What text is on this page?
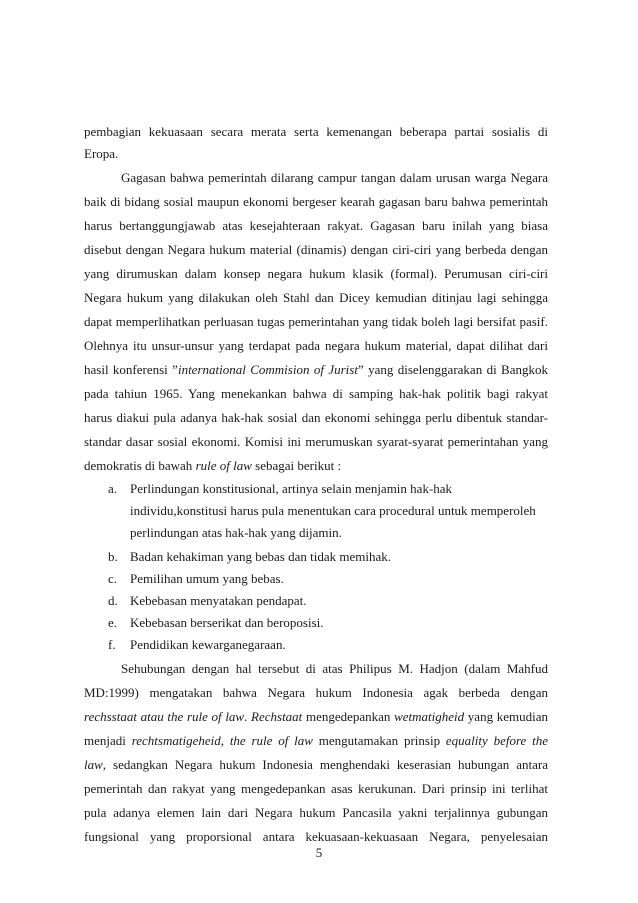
pembagian kekuasaan secara merata serta kemenangan beberapa partai sosialis di
Eropa.
Gagasan bahwa pemerintah dilarang campur tangan dalam urusan warga Negara
baik di bidang sosial maupun ekonomi bergeser kearah gagasan baru bahwa pemerintah
harus bertanggungjawab atas kesejahteraan rakyat. Gagasan baru inilah yang biasa
disebut dengan Negara hukum material (dinamis) dengan ciri-ciri yang berbeda dengan
yang dirumuskan dalam konsep negara hukum klasik (formal). Perumusan ciri-ciri
Negara hukum yang dilakukan oleh Stahl dan Dicey kemudian ditinjau lagi sehingga
dapat memperlihatkan perluasan tugas pemerintahan yang tidak boleh lagi bersifat pasif.
Olehnya itu unsur-unsur yang terdapat pada negara hukum material, dapat dilihat dari
hasil konferensi ”international Commision of Jurist” yang diselenggarakan di Bangkok
pada tahiun 1965. Yang menekankan bahwa di samping hak-hak politik bagi rakyat
harus diakui pula adanya hak-hak sosial dan ekonomi sehingga perlu dibentuk standar-
standar dasar sosial ekonomi. Komisi ini merumuskan syarat-syarat pemerintahan yang
demokratis di bawah rule of law sebagai berikut :
a. Perlindungan konstitusional, artinya selain menjamin hak-hak
individu,konstitusi harus pula menentukan cara procedural untuk memperoleh
perlindungan atas hak-hak yang dijamin.
b. Badan kehakiman yang bebas dan tidak memihak.
c. Pemilihan umum yang bebas.
d. Kebebasan menyatakan pendapat.
e. Kebebasan berserikat dan beroposisi.
f. Pendidikan kewarganegaraan.
Sehubungan dengan hal tersebut di atas Philipus M. Hadjon (dalam Mahfud
MD:1999) mengatakan bahwa Negara hukum Indonesia agak berbeda dengan
rechsstaat atau the rule of law. Rechstaat mengedepankan wetmatigheid yang kemudian
menjadi rechtsmatigeheid, the rule of law mengutamakan prinsip equality before the
law, sedangkan Negara hukum Indonesia menghendaki keserasian hubungan antara
pemerintah dan rakyat yang mengedepankan asas kerukunan. Dari prinsip ini terlihat
pula adanya elemen lain dari Negara hukum Pancasila yakni terjalinnya gubungan
fungsional yang proporsional antara kekuasaan-kekuasaan Negara, penyelesaian
5
